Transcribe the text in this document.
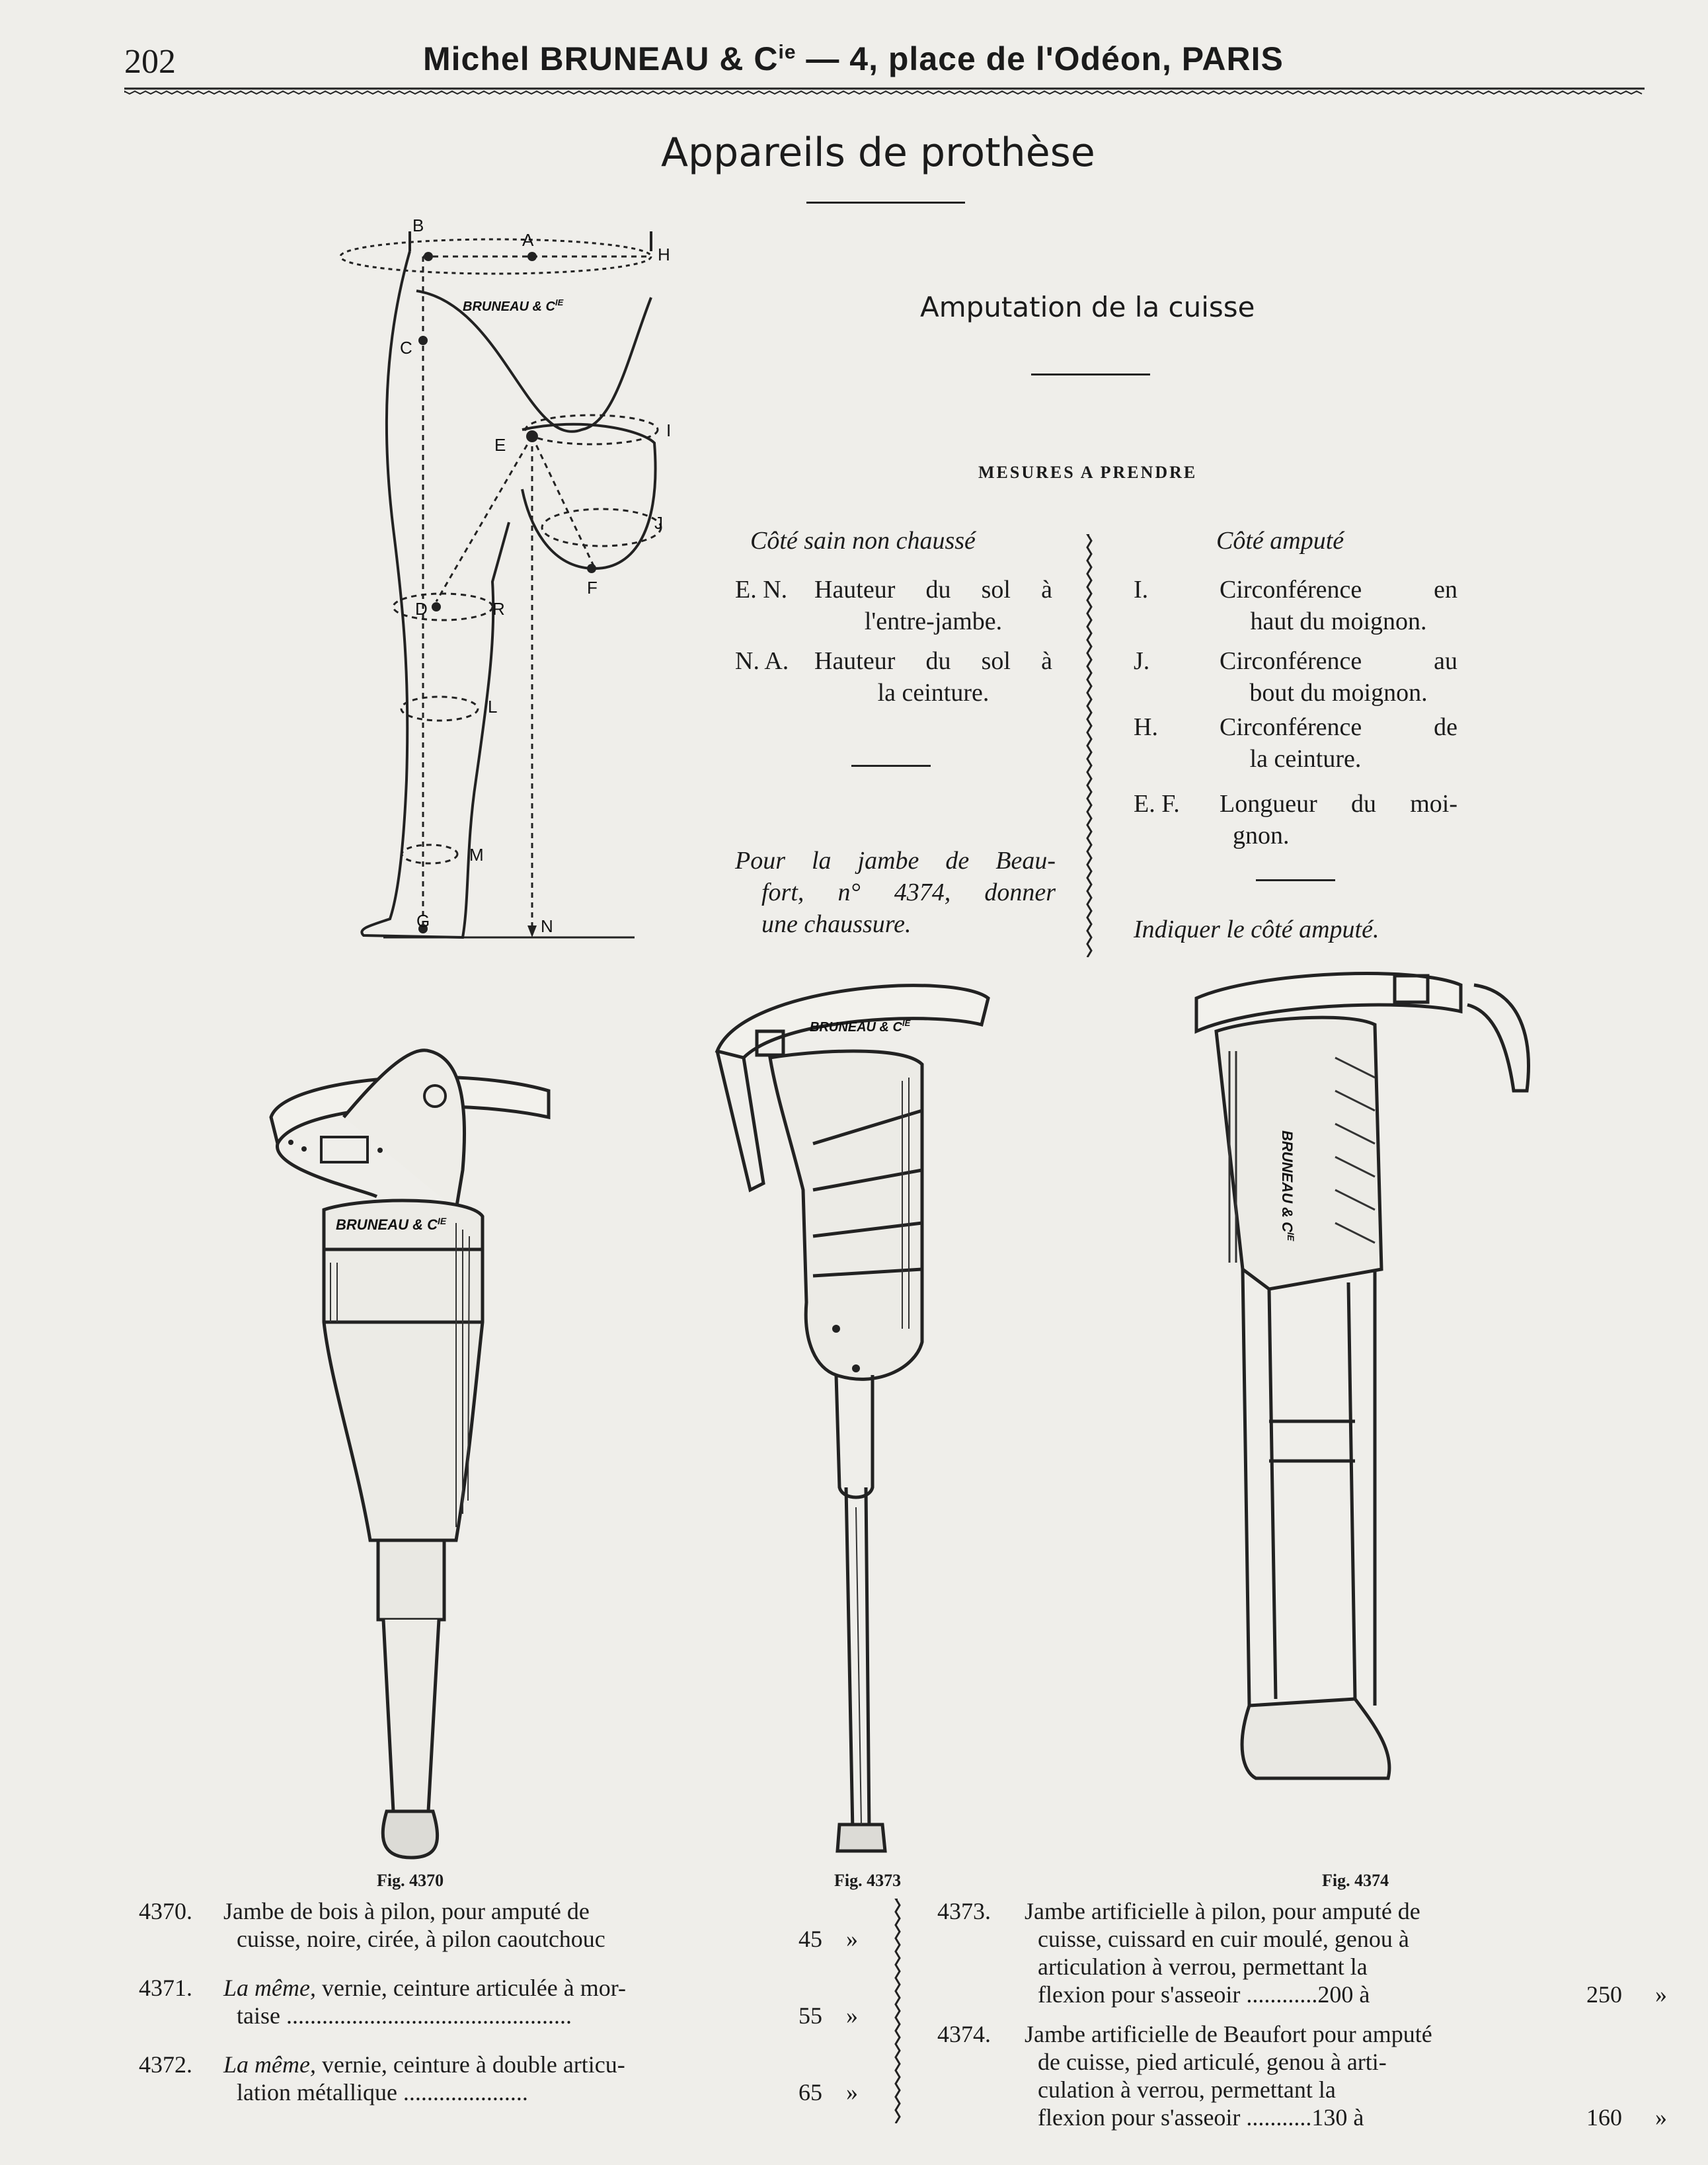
202	Michel BRUNEAU & $C^{ie}$ — 4, place de l'Odéon, PARIS
Appareils de prothèse
Amputation de la cuisse
MESURES A PRENDRE
B
A
H
C
E
I
J
F
D	R
L
M
G	N
BRUNEAU & $C^{IE}$
Côté sain non chaussé
E. N.	Hauteur du sol à
l'entre-jambe.
N. A.	Hauteur du sol à
la ceinture.
Pour la jambe de Beau-
fort, n° 4374, donner
une chaussure.
Côté amputé
I.	Circonférence en
haut du moignon.
J.	Circonférence au
bout du moignon.
H.	Circonférence de
la ceinture.
E. F.	Longueur du moi-
gnon.
Indiquer le côté amputé.
BRUNEAU & $C^{IE}$
Fig. 4370
BRUNEAU & $C^{IE}$
Fig. 4373
BRUNEAU & $C^{IE}$
Fig. 4374
4370. Jambe de bois à pilon, pour amputé de
cuisse, noire, cirée, à pilon caoutchouc	45 »
4371. La même, vernie, ceinture articulée à mor-
taise ................................................	55 »
4372. La même, vernie, ceinture à double articu-
lation métallique .....................	65 »
4373. Jambe artificielle à pilon, pour amputé de
cuisse, cuissard en cuir moulé, genou à
articulation à verrou, permettant la
flexion pour s'asseoir ............200 à	250 »
4374. Jambe artificielle de Beaufort pour amputé
de cuisse, pied articulé, genou à arti-
culation à verrou, permettant la
flexion pour s'asseoir ...........130 à	160 »
